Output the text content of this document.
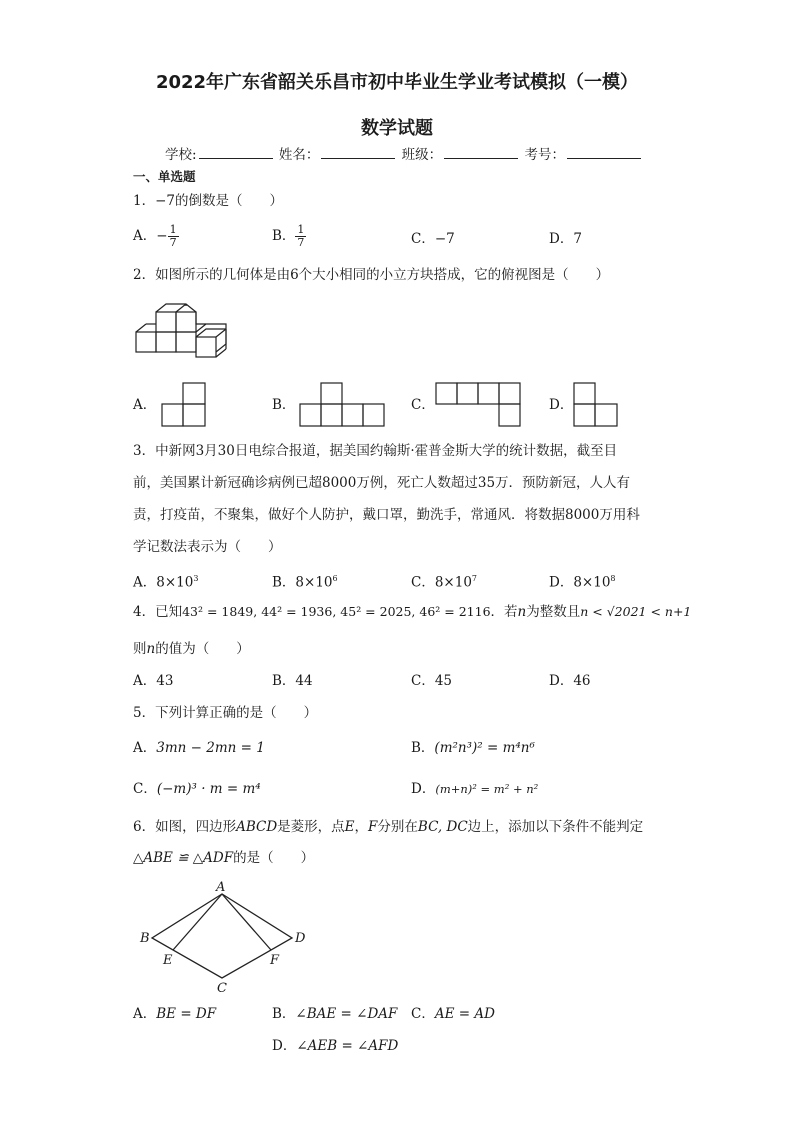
2022年广东省韶关乐昌市初中毕业生学业考试模拟（一模）
数学试题
学校:	姓名：	班级：	考号：
一、单选题
1．−7的倒数是（　　）
A．− $\frac{1}{7}$	B． $\frac{1}{7}$	C．−7	D．7
2．如图所示的几何体是由6个大小相同的小立方块搭成，它的俯视图是（　　）
A．	B．	C．	D．
3．中新网3月30日电综合报道，据美国约翰斯·霍普金斯大学的统计数据，截至目
前，美国累计新冠确诊病例已超8000万例，死亡人数超过35万．预防新冠，人人有
责，打疫苗，不聚集，做好个人防护，戴口罩，勤洗手，常通风．将数据8000万用科
学记数法表示为（　　）
A．$8\times 10^3$	B．$8\times 10^6$	C．$8\times 10^7$	D．$8\times 10^8$
4．已知43² = 1849, 44² = 1936, 45² = 2025, 46² = 2116．若n为整数且n < √2021 < n+1
则n的值为（　　）
A．43	B．44	C．45	D．46
5．下列计算正确的是（　　）
A．3mn − 2mn = 1	B．(m²n³)² = m⁴n⁶
C．(−m)³ · m = m⁴	D．(m+n)² = m² + n²
6．如图，四边形ABCD是菱形，点E，F分别在BC, DC边上，添加以下条件不能判定
△ABE ≌ △ADF的是（　　）
A
B
C
D
E	F
A．BE = DF	B．∠BAE = ∠DAF C．AE = AD
D．∠AEB = ∠AFD
